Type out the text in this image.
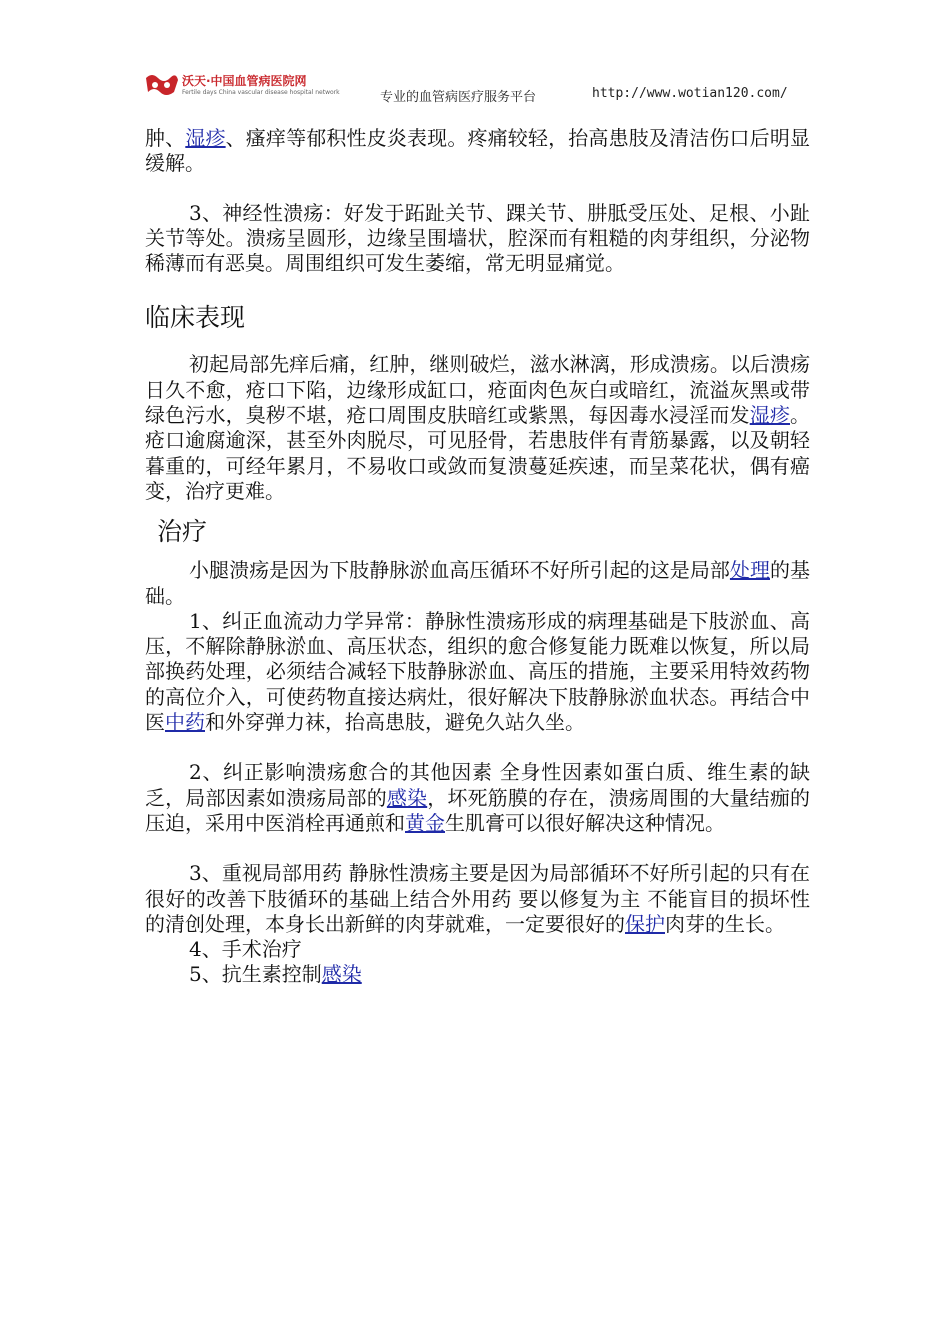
沃天·中国血管病医院网
Fertile days China vascular disease hospital network	专业的血管病医疗服务平台	http://www.wotian120.com/

肿、湿疹、瘙痒等郁积性皮炎表现。疼痛较轻，抬高患肢及清洁伤口后明显缓解。

3、神经性溃疡：好发于跖趾关节、踝关节、肼胝受压处、足根、小趾关节等处。溃疡呈圆形，边缘呈围墙状，腔深而有粗糙的肉芽组织，分泌物稀薄而有恶臭。周围组织可发生萎缩，常无明显痛觉。

临床表现

初起局部先痒后痛，红肿，继则破烂，滋水淋漓，形成溃疡。以后溃疡日久不愈，疮口下陷，边缘形成缸口，疮面肉色灰白或暗红，流溢灰黑或带绿色污水，臭秽不堪，疮口周围皮肤暗红或紫黑，每因毒水浸淫而发湿疹。疮口逾腐逾深，甚至外肉脱尽，可见胫骨，若患肢伴有青筋暴露，以及朝轻暮重的，可经年累月，不易收口或敛而复溃蔓延疾速，而呈菜花状，偶有癌变，治疗更难。

治疗

小腿溃疡是因为下肢静脉淤血高压循环不好所引起的这是局部处理的基础。

1、纠正血流动力学异常：静脉性溃疡形成的病理基础是下肢淤血、高压，不解除静脉淤血、高压状态，组织的愈合修复能力既难以恢复，所以局部换药处理，必须结合减轻下肢静脉淤血、高压的措施，主要采用特效药物的高位介入，可使药物直接达病灶，很好解决下肢静脉淤血状态。再结合中医中药和外穿弹力袜，抬高患肢，避免久站久坐。

2、纠正影响溃疡愈合的其他因素 全身性因素如蛋白质、维生素的缺乏，局部因素如溃疡局部的感染，坏死筋膜的存在，溃疡周围的大量结痂的压迫，采用中医消栓再通煎和黄金生肌膏可以很好解决这种情况。

3、重视局部用药 静脉性溃疡主要是因为局部循环不好所引起的只有在很好的改善下肢循环的基础上结合外用药 要以修复为主 不能盲目的损坏性的清创处理，本身长出新鲜的肉芽就难，一定要很好的保护肉芽的生长。

4、手术治疗

5、抗生素控制感染
